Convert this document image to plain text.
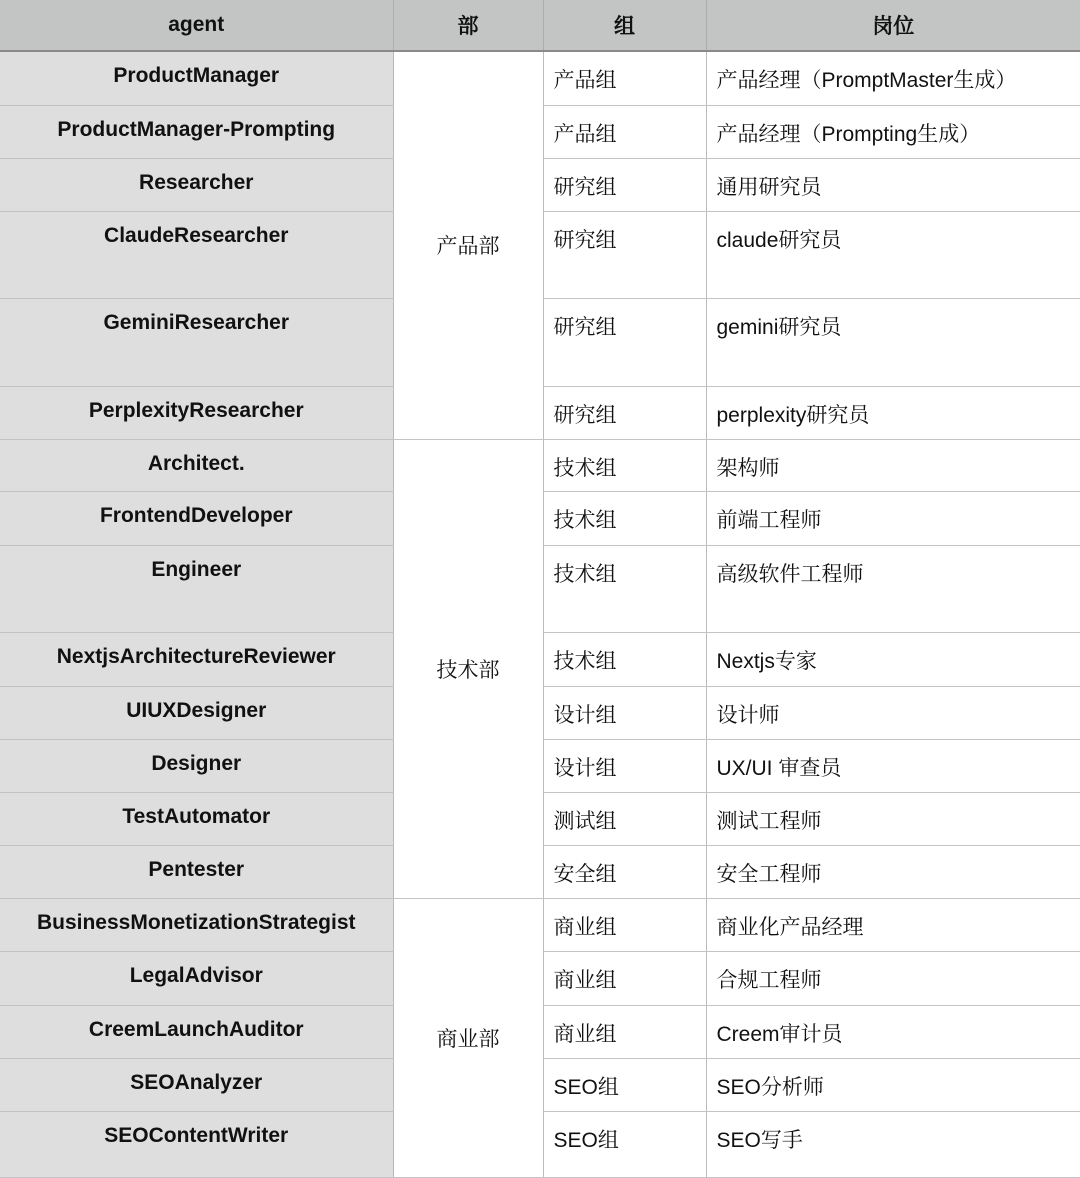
agent	部	组	岗位
ProductManager	产品部	产品组	产品经理（PromptMaster生成）
ProductManager-Prompting		产品组	产品经理（Prompting生成）
Researcher		研究组	通用研究员
ClaudeResearcher		研究组	claude研究员
GeminiResearcher		研究组	gemini研究员
PerplexityResearcher		研究组	perplexity研究员
Architect.	技术部	技术组	架构师
FrontendDeveloper		技术组	前端工程师
Engineer		技术组	高级软件工程师
NextjsArchitectureReviewer		技术组	Nextjs专家
UIUXDesigner		设计组	设计师
Designer		设计组	UX/UI 审查员
TestAutomator		测试组	测试工程师
Pentester		安全组	安全工程师
BusinessMonetizationStrategist	商业部	商业组	商业化产品经理
LegalAdvisor		商业组	合规工程师
CreemLaunchAuditor		商业组	Creem审计员
SEOAnalyzer		SEO组	SEO分析师
SEOContentWriter		SEO组	SEO写手
